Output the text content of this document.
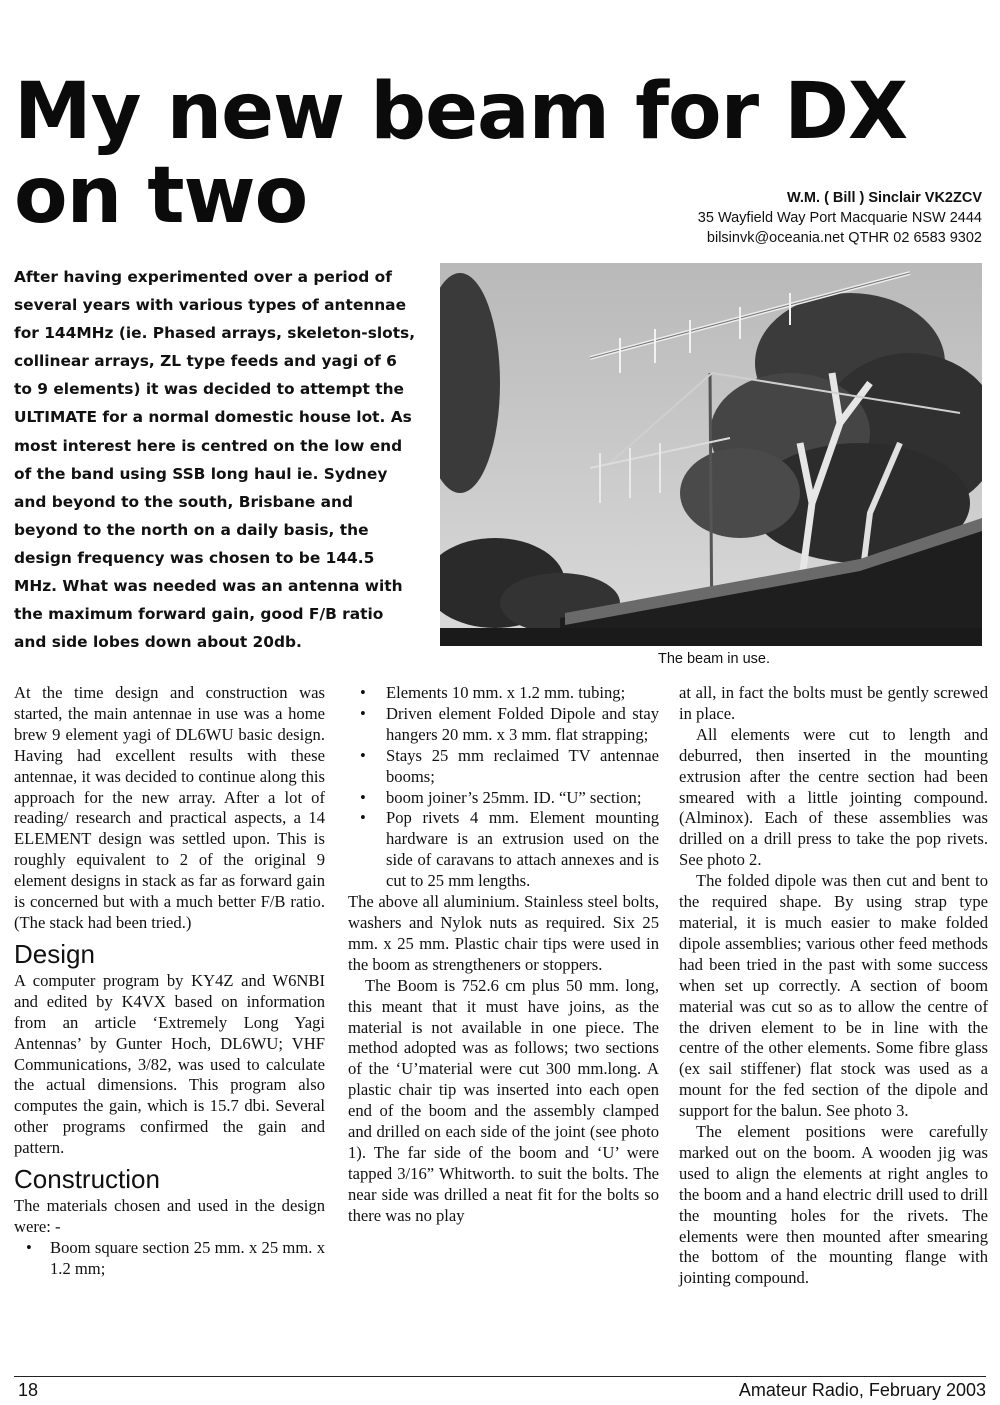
My new beam for DX
on two	W.M. ( Bill ) Sinclair VK2ZCV
35 Wayfield Way Port Macquarie NSW 2444
bilsinvk@oceania.net QTHR 02 6583 9302
After having experimented over a period of several years with various types of antennae for 144MHz (ie. Phased arrays, skeleton-slots, collinear arrays, ZL type feeds and yagi of 6 to 9 elements) it was decided to attempt the ULTIMATE for a normal domestic house lot. As most interest here is centred on the low end of the band using SSB long haul ie. Sydney and beyond to the south, Brisbane and beyond to the north on a daily basis, the design frequency was chosen to be 144.5 MHz. What was needed was an antenna with the maximum forward gain, good F/B ratio and side lobes down about 20db.
The beam in use.

At the time design and construction was started, the main antennae in use was a home brew 9 element yagi of DL6WU basic design. Having had excellent results with these antennae, it was decided to continue along this approach for the new array. After a lot of reading/ research and practical aspects, a 14 ELEMENT design was settled upon. This is roughly equivalent to 2 of the original 9 element designs in stack as far as forward gain is concerned but with a much better F/B ratio. (The stack had been tried.)

Design

A computer program by KY4Z and W6NBI and edited by K4VX based on information from an article ‘Extremely Long Yagi Antennas’ by Gunter Hoch, DL6WU; VHF Communications, 3/82, was used to calculate the actual dimensions. This program also computes the gain, which is 15.7 dbi. Several other programs confirmed the gain and pattern.

Construction

The materials chosen and used in the design were: -

• Boom square section 25 mm. x 25 mm. x 1.2 mm;
• Elements 10 mm. x 1.2 mm. tubing;
• Driven element Folded Dipole and stay hangers 20 mm. x 3 mm. flat strapping;
• Stays 25 mm reclaimed TV antennae booms;
• boom joiner’s 25mm. ID. “U” section;
• Pop rivets 4 mm. Element mounting hardware is an extrusion used on the side of caravans to attach annexes and is cut to 25 mm lengths.

The above all aluminium. Stainless steel bolts, washers and Nylok nuts as required. Six 25 mm. x 25 mm. Plastic chair tips were used in the boom as strengtheners or stoppers.

The Boom is 752.6 cm plus 50 mm. long, this meant that it must have joins, as the material is not available in one piece. The method adopted was as follows; two sections of the ‘U’material were cut 300 mm.long. A plastic chair tip was inserted into each open end of the boom and the assembly clamped and drilled on each side of the joint (see photo 1). The far side of the boom and ‘U’ were tapped 3/16” Whitworth. to suit the bolts. The near side was drilled a neat fit for the bolts so there was no play

at all, in fact the bolts must be gently screwed in place.

All elements were cut to length and deburred, then inserted in the mounting extrusion after the centre section had been smeared with a little jointing compound. (Alminox). Each of these assemblies was drilled on a drill press to take the pop rivets. See photo 2.

The folded dipole was then cut and bent to the required shape. By using strap type material, it is much easier to make folded dipole assemblies; various other feed methods had been tried in the past with some success when set up correctly. A section of boom material was cut so as to allow the centre of the driven element to be in line with the centre of the other elements. Some fibre glass (ex sail stiffener) flat stock was used as a mount for the fed section of the dipole and support for the balun. See photo 3.

The element positions were carefully marked out on the boom. A wooden jig was used to align the elements at right angles to the boom and a hand electric drill used to drill the mounting holes for the rivets. The elements were then mounted after smearing the bottom of the mounting flange with jointing compound.

18	Amateur Radio, February 2003
